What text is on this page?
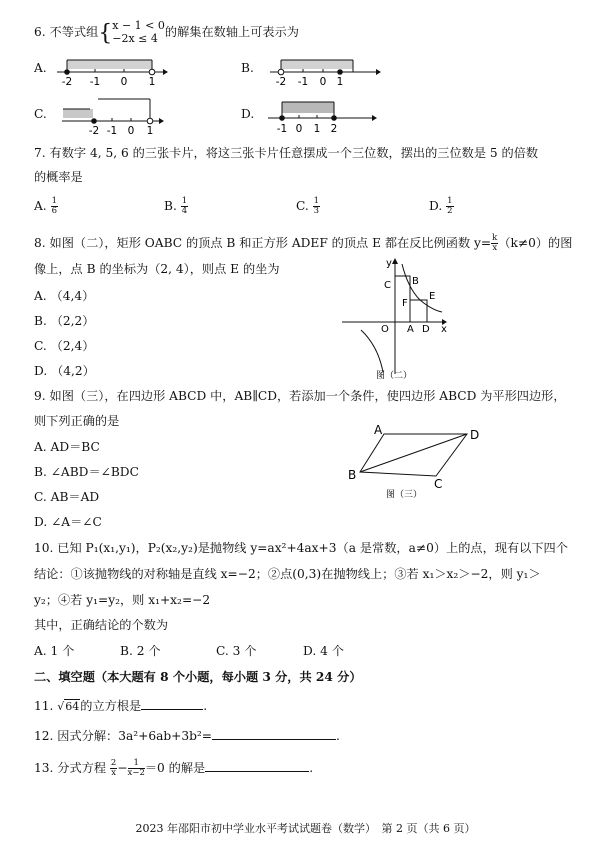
6. 不等式组{ x − 1 < 0
−2x ≤ 4 的解集在数轴上可表示为
A.
-2 -1 0 1
B.
-2 -1 0 1
C.
-2 -1 0 1
D.
-1 0 1 2
7. 有数字 4, 5, 6 的三张卡片，将这三张卡片任意摆成一个三位数，摆出的三位数是 5 的倍数
的概率是
A. $\frac{1}{6}$	B. $\frac{1}{4}$	C. $\frac{1}{3}$	D. $\frac{1}{2}$
8. 如图（二），矩形 OABC 的顶点 B 和正方形 ADEF 的顶点 E 都在反比例函数 $y= \frac{k}{x} (k\ne 0)$的图
像上，点 B 的坐标为（2, 4），则点 E 的坐为
A. （4,4）
B. （2,2）
C. （2,4）
D. （4,2）
y
C B
F
E
O A D x
图（二）
9. 如图（三），在四边形 ABCD 中，AB∥CD，若添加一个条件，使四边形 ABCD 为平形四边形，
则下列正确的是
A. AD＝BC
B. ∠ABD＝∠BDC
C. AB＝AD
D. ∠A＝∠C
A	D
B
C
图（三）
10. 已知 P₁(x₁,y₁)，P₂(x₂,y₂)是抛物线 y=ax²+4ax+3（a 是常数，a≠0）上的点，现有以下四个
结论：①该抛物线的对称轴是直线 x=−2；②点(0,3)在抛物线上；③若 x₁＞x₂＞−2，则 y₁＞
y₂；④若 y₁=y₂，则 x₁+x₂=−2
其中，正确结论的个数为
A. 1 个	B. 2 个	C. 3 个	D. 4 个
二、填空题（本大题有 8 个小题，每小题 3 分，共 24 分）
11. √64的立方根是	.
12. 因式分解：3a²+6ab+3b²=	.
13. 分式方程 $\frac{2}{x} - \frac{1}{x-2} =0$ 的解是	.
2023 年邵阳市初中学业水平考试试题卷（数学）　第 2 页（共 6 页）
